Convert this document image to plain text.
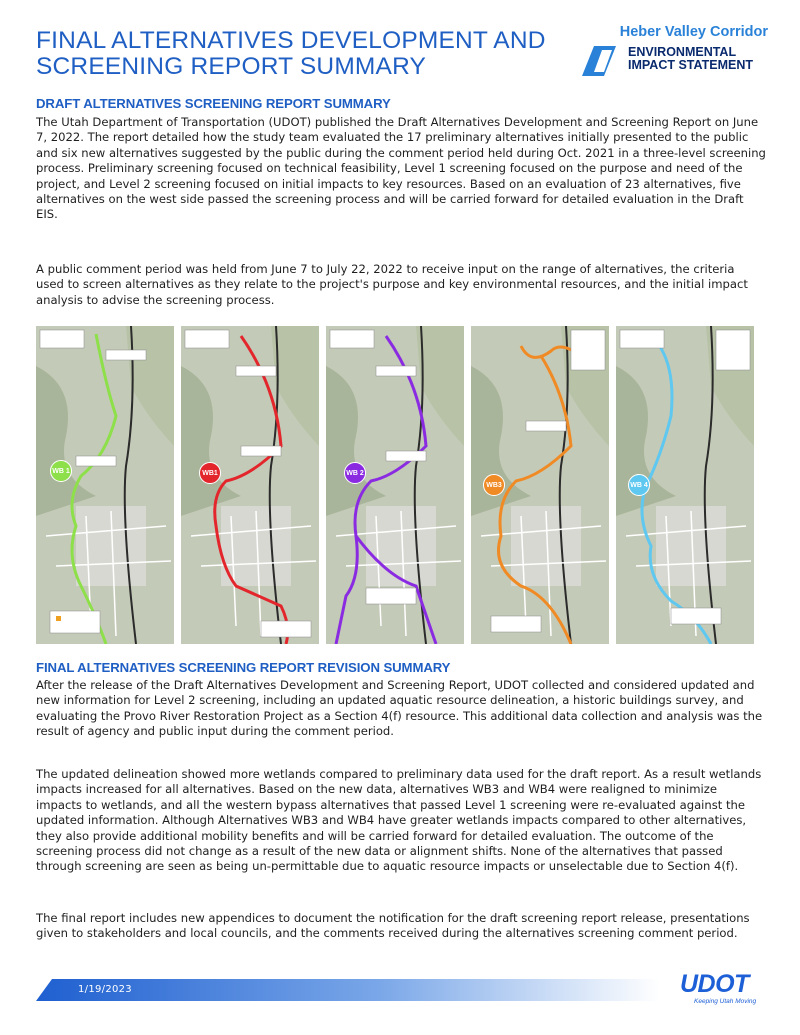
FINAL ALTERNATIVES DEVELOPMENT AND
SCREENING REPORT SUMMARY
Heber Valley Corridor
ENVIRONMENTAL
IMPACT STATEMENT
DRAFT ALTERNATIVES SCREENING REPORT SUMMARY
The Utah Department of Transportation (UDOT) published the Draft Alternatives Development and Screening Report on June 7, 2022. The report detailed how the study team evaluated the 17 preliminary alternatives initially presented to the public and six new alternatives suggested by the public during the comment period held during Oct. 2021 in a three-level screening process. Preliminary screening focused on technical feasibility, Level 1 screening focused on the purpose and need of the project, and Level 2 screening focused on initial impacts to key resources. Based on an evaluation of 23 alternatives, five alternatives on the west side passed the screening process and will be carried forward for detailed evaluation in the Draft EIS.
A public comment period was held from June 7 to July 22, 2022 to receive input on the range of alternatives, the criteria used to screen alternatives as they relate to the project's purpose and key environmental resources, and the initial impact analysis to advise the screening process.
WB 1	WB1	WB 2
WB3	WB 4
FINAL ALTERNATIVES SCREENING REPORT REVISION SUMMARY
After the release of the Draft Alternatives Development and Screening Report, UDOT collected and considered updated and new information for Level 2 screening, including an updated aquatic resource delineation, a historic buildings survey, and evaluating the Provo River Restoration Project as a Section 4(f) resource. This additional data collection and analysis was the result of agency and public input during the comment period.
The updated delineation showed more wetlands compared to preliminary data used for the draft report. As a result wetlands impacts increased for all alternatives. Based on the new data, alternatives WB3 and WB4 were realigned to minimize impacts to wetlands, and all the western bypass alternatives that passed Level 1 screening were re-evaluated against the updated information. Although Alternatives WB3 and WB4 have greater wetlands impacts compared to other alternatives, they also provide additional mobility benefits and will be carried forward for detailed evaluation. The outcome of the screening process did not change as a result of the new data or alignment shifts. None of the alternatives that passed through screening are seen as being un-permittable due to aquatic resource impacts or unselectable due to Section 4(f).
The final report includes new appendices to document the notification for the draft screening report release, presentations given to stakeholders and local councils, and the comments received during the alternatives screening comment period.
1/19/2023	UDOT
Keeping Utah Moving
